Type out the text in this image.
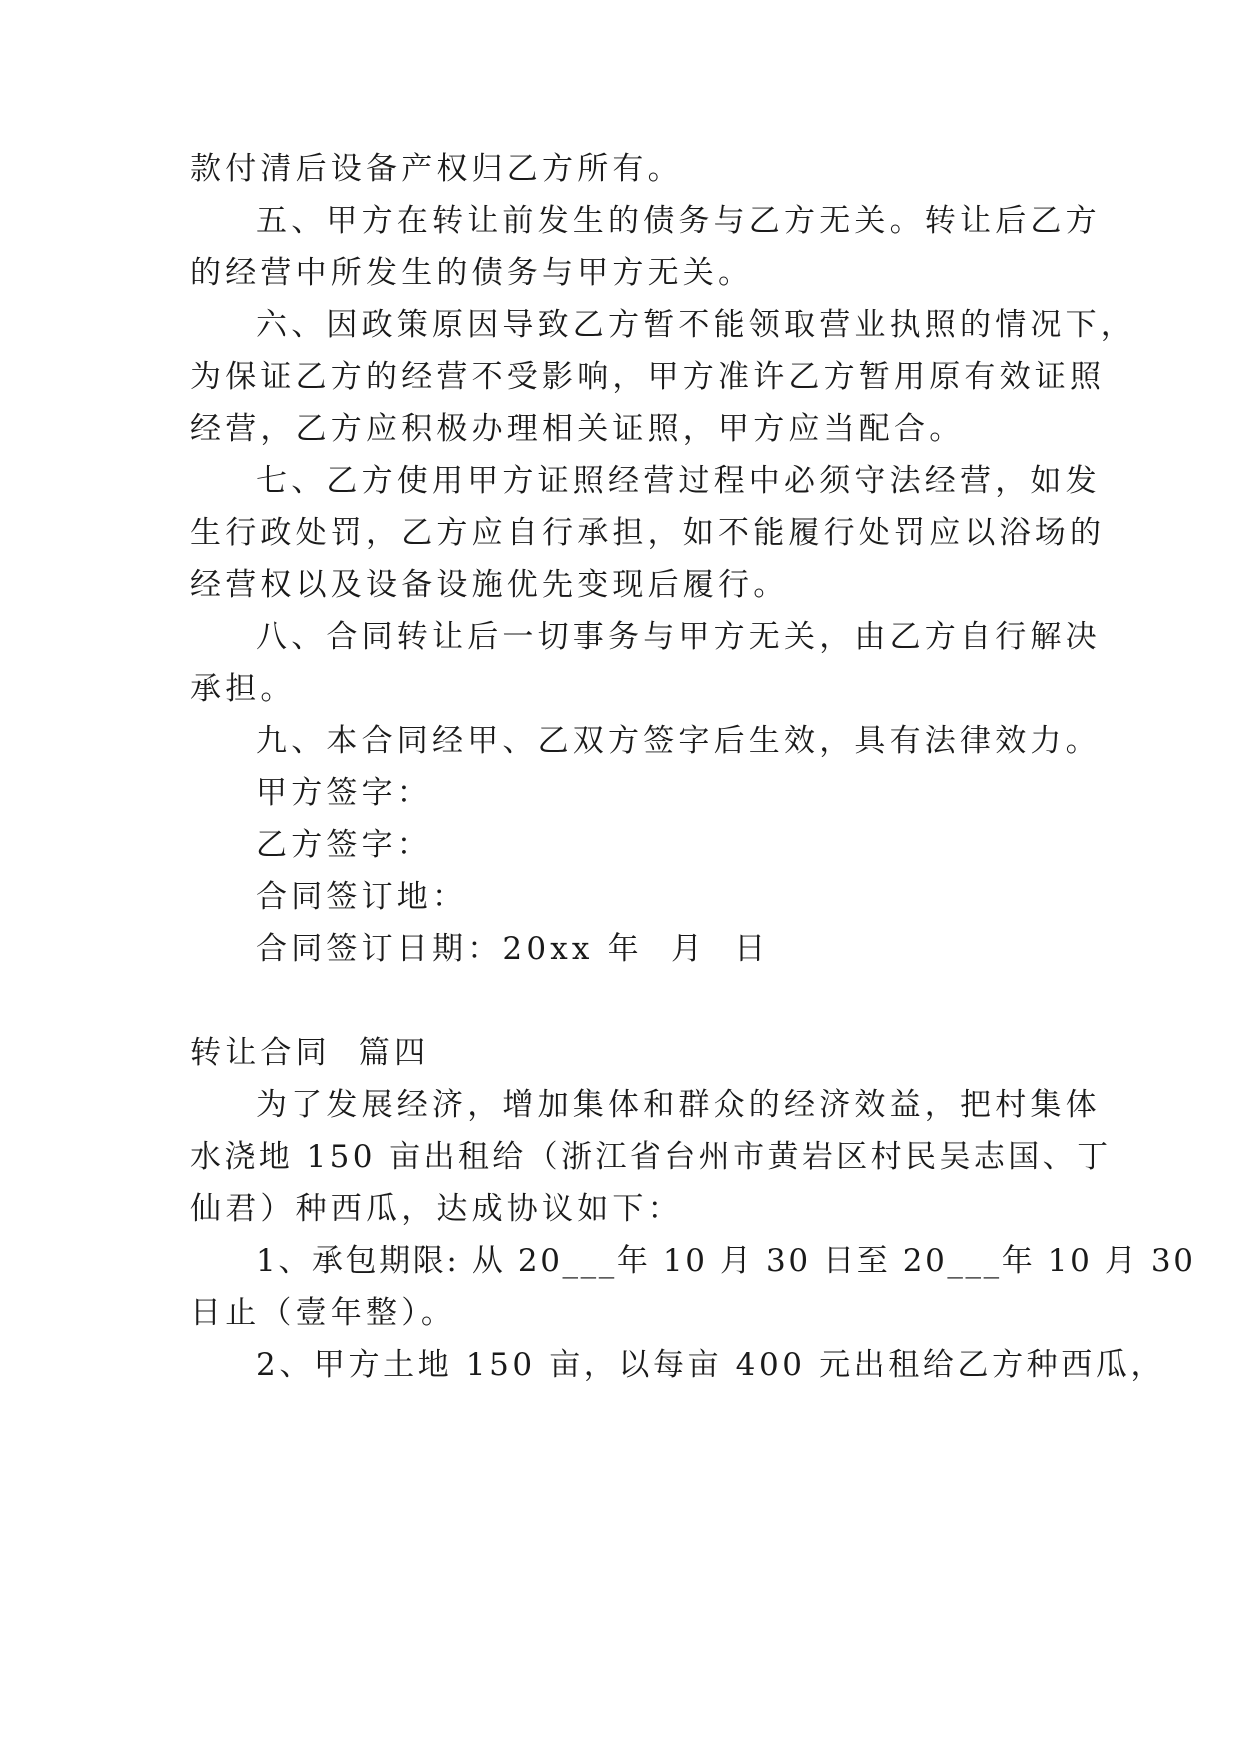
款付清后设备产权归乙方所有。
五、甲方在转让前发生的债务与乙方无关。转让后乙方
的经营中所发生的债务与甲方无关。
六、因政策原因导致乙方暂不能领取营业执照的情况下，
为保证乙方的经营不受影响，甲方准许乙方暂用原有效证照
经营，乙方应积极办理相关证照，甲方应当配合。
七、乙方使用甲方证照经营过程中必须守法经营，如发
生行政处罚，乙方应自行承担，如不能履行处罚应以浴场的
经营权以及设备设施优先变现后履行。
八、合同转让后一切事务与甲方无关，由乙方自行解决
承担。
九、本合同经甲、乙双方签字后生效，具有法律效力。
甲方签字：
乙方签字：
合同签订地：
合同签订日期：20xx 年  月  日
转让合同  篇四
为了发展经济，增加集体和群众的经济效益，把村集体
水浇地 150 亩出租给（浙江省台州市黄岩区村民吴志国、丁
仙君）种西瓜，达成协议如下：
1、承包期限: 从 20___年 10 月 30 日至 20___年 10 月 30
日止（壹年整）。
2、甲方土地 150 亩，以每亩 400 元出租给乙方种西瓜，
